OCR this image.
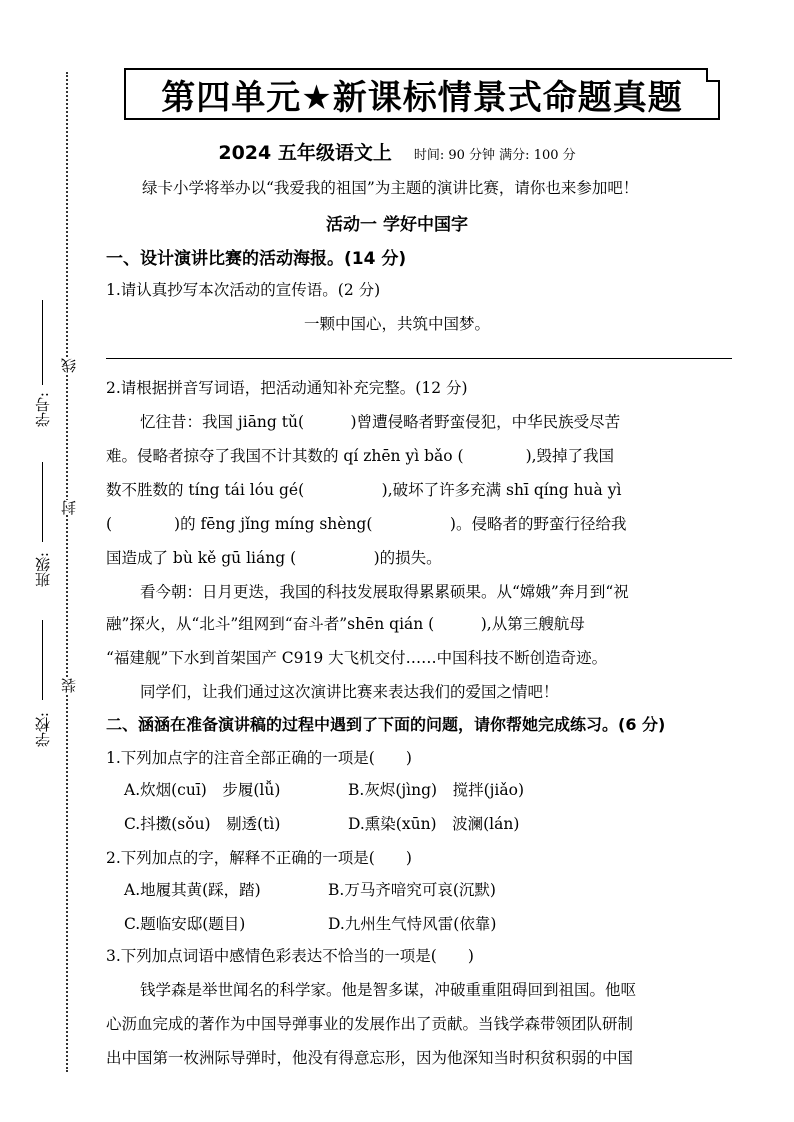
学校:
班级:
学号:
线
封
装
第四单元★新课标情景式命题真题
2024 五年级语文上 时间: 90 分钟 满分: 100 分
绿卡小学将举办以“我爱我的祖国”为主题的演讲比赛，请你也来参加吧！
活动一 学好中国字
一、设计演讲比赛的活动海报。(14 分)
1.请认真抄写本次活动的宣传语。(2 分)
一颗中国心，共筑中国梦。
2.请根据拼音写词语，把活动通知补充完整。(12 分)
忆往昔：我国 jiāng tǔ(　　　)曾遭侵略者野蛮侵犯，中华民族受尽苦
难。侵略者掠夺了我国不计其数的 qí zhēn yì bǎo (　　　　),毁掉了我国
数不胜数的 tíng tái lóu gé(　　　　　),破坏了许多充满 shī qíng huà yì
(　　　　)的 fēng jǐng míng shèng(　　　　　)。侵略者的野蛮行径给我
国造成了 bù kě gū liáng (　　　　　)的损失。
看今朝：日月更迭，我国的科技发展取得累累硕果。从“嫦娥”奔月到“祝
融”探火，从“北斗”组网到“奋斗者”shēn qián (　　　),从第三艘航母
“福建舰”下水到首架国产 C919 大飞机交付……中国科技不断创造奇迹。
同学们，让我们通过这次演讲比赛来表达我们的爱国之情吧！
二、涵涵在准备演讲稿的过程中遇到了下面的问题，请你帮她完成练习。(6 分)
1.下列加点字的注音全部正确的一项是(　　)
A.炊烟(cuī)　步履(lǚ)	B.灰烬(jìng)　搅拌(jiǎo)
C.抖擞(sǒu)　剔透(tì)	D.熏染(xūn)　波澜(lán)
2.下列加点的字，解释不正确的一项是(　　)
A.地履其黄(踩，踏)	B.万马齐喑究可哀(沉默)
C.题临安邸(题目)	D.九州生气恃风雷(依靠)
3.下列加点词语中感情色彩表达不恰当的一项是(　　)
钱学森是举世闻名的科学家。他是智多谋，冲破重重阻碍回到祖国。他呕
心沥血完成的著作为中国导弹事业的发展作出了贡献。当钱学森带领团队研制
出中国第一枚洲际导弹时，他没有得意忘形，因为他深知当时积贫积弱的中国
